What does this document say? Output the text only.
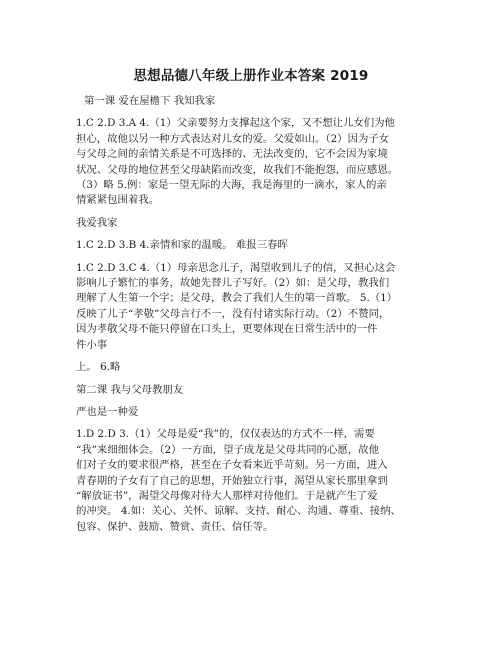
思想品德八年级上册作业本答案 2019

第一课 爱在屋檐下 我知我家

1.C 2.D 3.A 4.（1）父亲要努力支撑起这个家，又不想让儿女们为他
担心，故他以另一种方式表达对儿女的爱。父爱如山。（2）因为子女
与父母之间的亲情关系是不可选择的、无法改变的，它不会因为家境
状况、父母的地位甚至父母缺陷而改变，故我们不能抱怨，而应感恩。
（3）略 5.例：家是一望无际的大海，我是海里的一滴水，家人的亲
情紧紧包围着我。

我爱我家

1.C 2.D 3.B 4.亲情和家的温暖。 难报三春晖

1.C 2.D 3.C 4.（1）母亲思念儿子，渴望收到儿子的信，又担心这会
影响儿子繁忙的事务，故她先替儿子写好。（2）如：是父母，教我们
理解了人生第一个字；是父母，教会了我们人生的第一首歌。 5.（1）
反映了儿子“孝敬”父母言行不一，没有付诸实际行动。（2）不赞同，
因为孝敬父母不能只停留在口头上，更要体现在日常生活中的一件
件小事

上。 6.略

第二课 我与父母教朋友

严也是一种爱

1.D 2.D 3.（1）父母是爱“我”的，仅仅表达的方式不一样，需要
“我”来细细体会。（2）一方面，望子成龙是父母共同的心愿，故他
们对子女的要求很严格，甚至在子女看来近乎苛刻。另一方面，进入
青春期的子女有了自己的思想，开始独立行事，渴望从家长那里拿到
“解放证书”，渴望父母像对待大人那样对待他们。于是就产生了爱
的冲突。 4.如：关心、关怀、谅解、支持、耐心、沟通、尊重、接纳、
包容、保护、鼓励、赞赏、责任、信任等。
